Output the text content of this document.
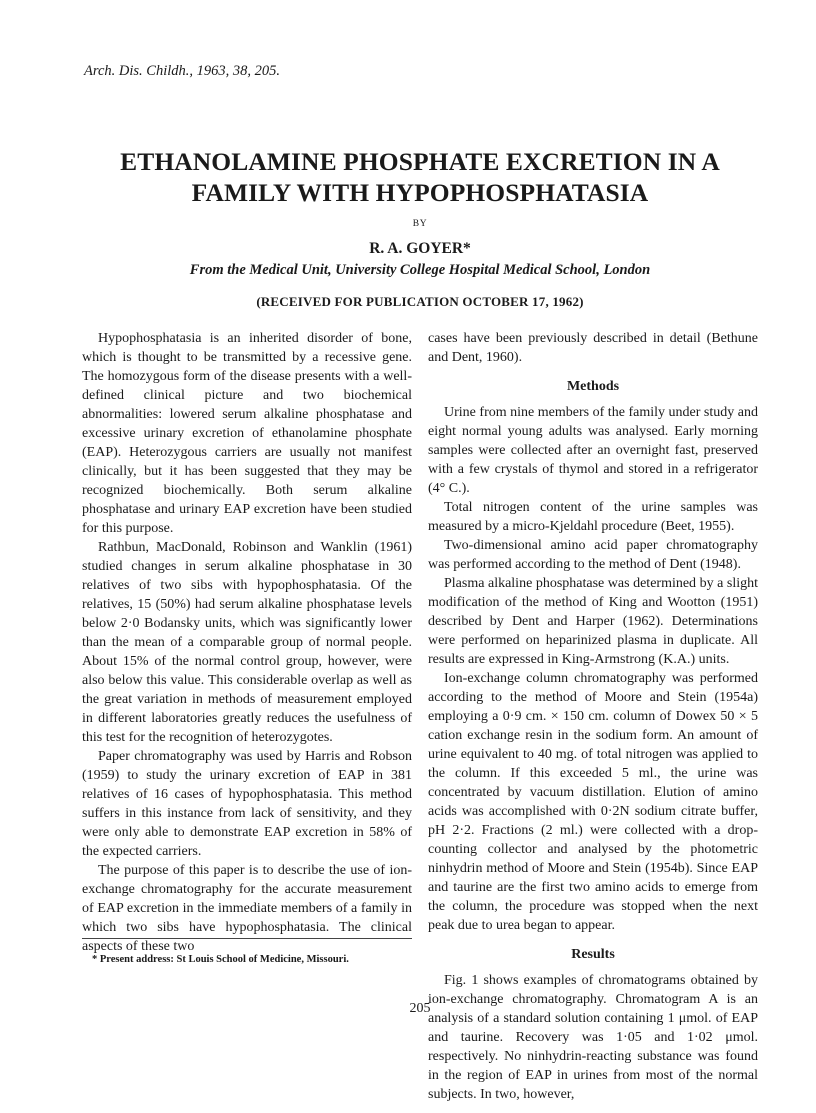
Arch. Dis. Childh., 1963, 38, 205.
ETHANOLAMINE PHOSPHATE EXCRETION IN A FAMILY WITH HYPOPHOSPHATASIA
BY
R. A. GOYER*
From the Medical Unit, University College Hospital Medical School, London
(RECEIVED FOR PUBLICATION OCTOBER 17, 1962)

Hypophosphatasia is an inherited disorder of bone, which is thought to be transmitted by a recessive gene. The homozygous form of the disease presents with a well-defined clinical picture and two biochemical abnormalities: lowered serum alkaline phosphatase and excessive urinary excretion of ethanolamine phosphate (EAP). Heterozygous carriers are usually not manifest clinically, but it has been suggested that they may be recognized biochemically. Both serum alkaline phosphatase and urinary EAP excretion have been studied for this purpose.

Rathbun, MacDonald, Robinson and Wanklin (1961) studied changes in serum alkaline phosphatase in 30 relatives of two sibs with hypophosphatasia. Of the relatives, 15 (50%) had serum alkaline phosphatase levels below 2·0 Bodansky units, which was significantly lower than the mean of a comparable group of normal people. About 15% of the normal control group, however, were also below this value. This considerable overlap as well as the great variation in methods of measurement employed in different laboratories greatly reduces the usefulness of this test for the recognition of heterozygotes.

Paper chromatography was used by Harris and Robson (1959) to study the urinary excretion of EAP in 381 relatives of 16 cases of hypophosphatasia. This method suffers in this instance from lack of sensitivity, and they were only able to demonstrate EAP excretion in 58% of the expected carriers.

The purpose of this paper is to describe the use of ion-exchange chromatography for the accurate measurement of EAP excretion in the immediate members of a family in which two sibs have hypophosphatasia. The clinical aspects of these two

cases have been previously described in detail (Bethune and Dent, 1960).

Methods

Urine from nine members of the family under study and eight normal young adults was analysed. Early morning samples were collected after an overnight fast, preserved with a few crystals of thymol and stored in a refrigerator (4° C.).

Total nitrogen content of the urine samples was measured by a micro-Kjeldahl procedure (Beet, 1955).

Two-dimensional amino acid paper chromatography was performed according to the method of Dent (1948).

Plasma alkaline phosphatase was determined by a slight modification of the method of King and Wootton (1951) described by Dent and Harper (1962). Determinations were performed on heparinized plasma in duplicate. All results are expressed in King-Armstrong (K.A.) units.

Ion-exchange column chromatography was performed according to the method of Moore and Stein (1954a) employing a 0·9 cm. × 150 cm. column of Dowex 50 × 5 cation exchange resin in the sodium form. An amount of urine equivalent to 40 mg. of total nitrogen was applied to the column. If this exceeded 5 ml., the urine was concentrated by vacuum distillation. Elution of amino acids was accomplished with 0·2N sodium citrate buffer, pH 2·2. Fractions (2 ml.) were collected with a drop-counting collector and analysed by the photometric ninhydrin method of Moore and Stein (1954b). Since EAP and taurine are the first two amino acids to emerge from the column, the procedure was stopped when the next peak due to urea began to appear.

Results

Fig. 1 shows examples of chromatograms obtained by ion-exchange chromatography. Chromatogram A is an analysis of a standard solution containing 1 μmol. of EAP and taurine. Recovery was 1·05 and 1·02 μmol. respectively. No ninhydrin-reacting substance was found in the region of EAP in urines from most of the normal subjects. In two, however,

* Present address: St Louis School of Medicine, Missouri.
205
